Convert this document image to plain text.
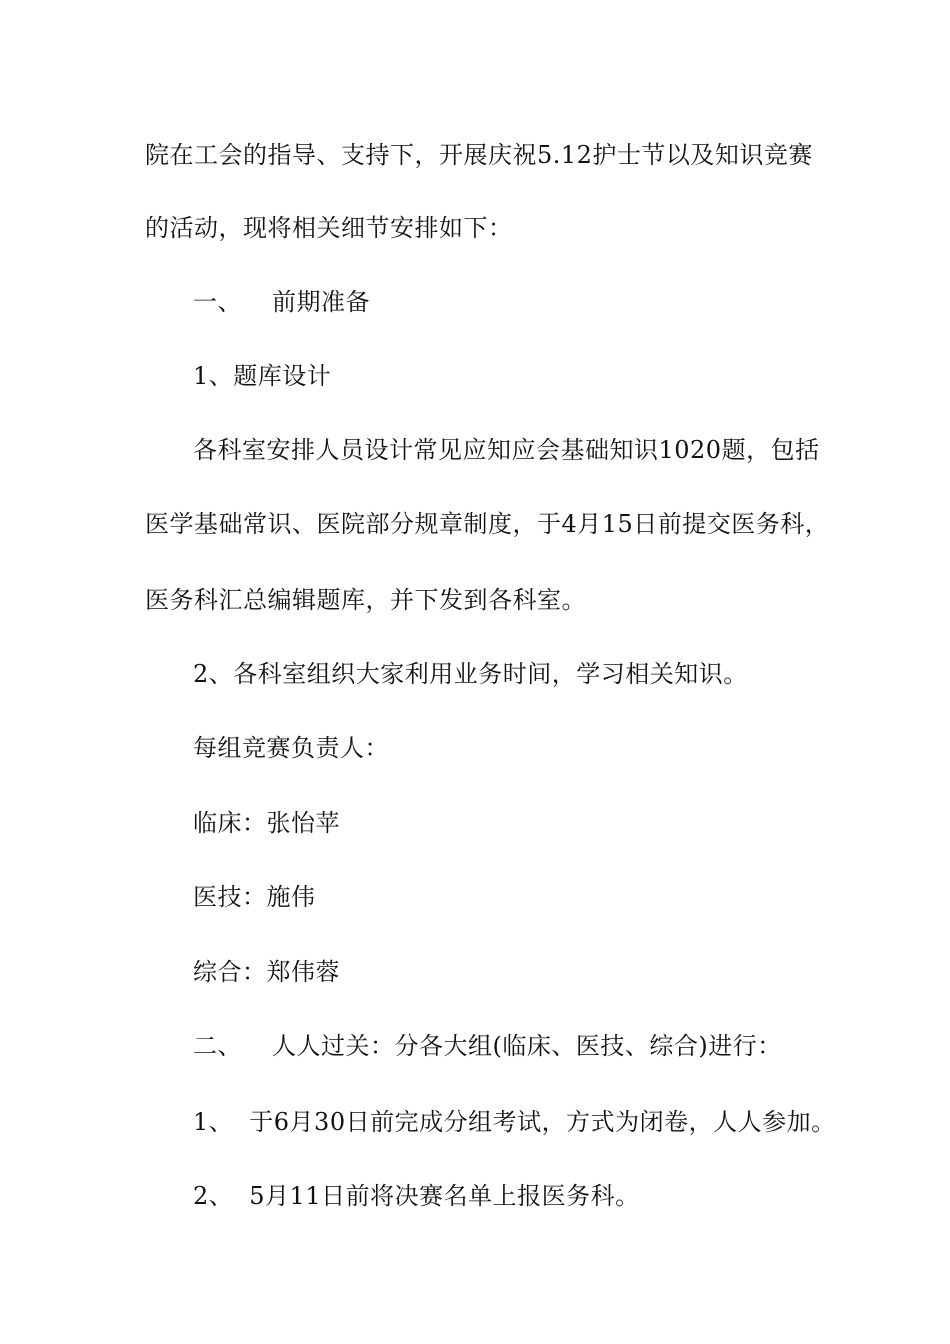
院在工会的指导、支持下，开展庆祝5.12护士节以及知识竞赛
的活动，现将相关细节安排如下：
一、 前期准备
1、题库设计
各科室安排人员设计常见应知应会基础知识1020题，包括
医学基础常识、医院部分规章制度，于4月15日前提交医务科，
医务科汇总编辑题库，并下发到各科室。
2、各科室组织大家利用业务时间，学习相关知识。
每组竞赛负责人：
临床：张怡苹
医技：施伟
综合：郑伟蓉
二、 人人过关：分各大组(临床、医技、综合)进行：
1、 于6月30日前完成分组考试，方式为闭卷，人人参加。
2、 5月11日前将决赛名单上报医务科。
